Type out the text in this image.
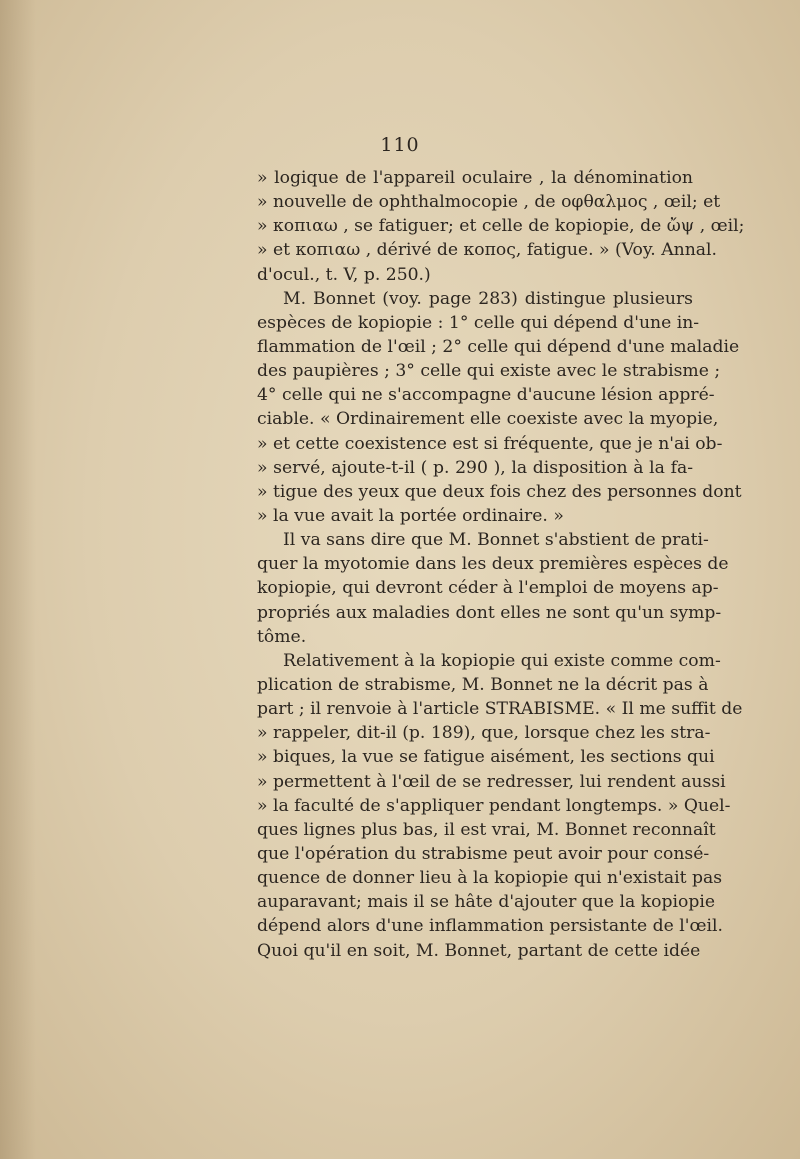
110
» logique de l'appareil oculaire , la dénomination
» nouvelle de ophthalmocopie , de οφθαλμος , œil; et
» κοπιαω , se fatiguer; et celle de kopiopie, de ὤψ , œil;
» et κοπιαω , dérivé de κοπος, fatigue. » (Voy. Annal.
d'ocul., t. V, p. 250.)
M. Bonnet (voy. page 283) distingue plusieurs
espèces de kopiopie : 1° celle qui dépend d'une in-
flammation de l'œil ; 2° celle qui dépend d'une maladie
des paupières ; 3° celle qui existe avec le strabisme ;
4° celle qui ne s'accompagne d'aucune lésion appré-
ciable. « Ordinairement elle coexiste avec la myopie,
» et cette coexistence est si fréquente, que je n'ai ob-
» servé, ajoute-t-il ( p. 290 ), la disposition à la fa-
» tigue des yeux que deux fois chez des personnes dont
» la vue avait la portée ordinaire. »
Il va sans dire que M. Bonnet s'abstient de prati-
quer la myotomie dans les deux premières espèces de
kopiopie, qui devront céder à l'emploi de moyens ap-
propriés aux maladies dont elles ne sont qu'un symp-
tôme.
Relativement à la kopiopie qui existe comme com-
plication de strabisme, M. Bonnet ne la décrit pas à
part ; il renvoie à l'article STRABISME. « Il me suffit de
» rappeler, dit-il (p. 189), que, lorsque chez les stra-
» biques, la vue se fatigue aisément, les sections qui
» permettent à l'œil de se redresser, lui rendent aussi
» la faculté de s'appliquer pendant longtemps. » Quel-
ques lignes plus bas, il est vrai, M. Bonnet reconnaît
que l'opération du strabisme peut avoir pour consé-
quence de donner lieu à la kopiopie qui n'existait pas
auparavant; mais il se hâte d'ajouter que la kopiopie
dépend alors d'une inflammation persistante de l'œil.
Quoi qu'il en soit, M. Bonnet, partant de cette idée
